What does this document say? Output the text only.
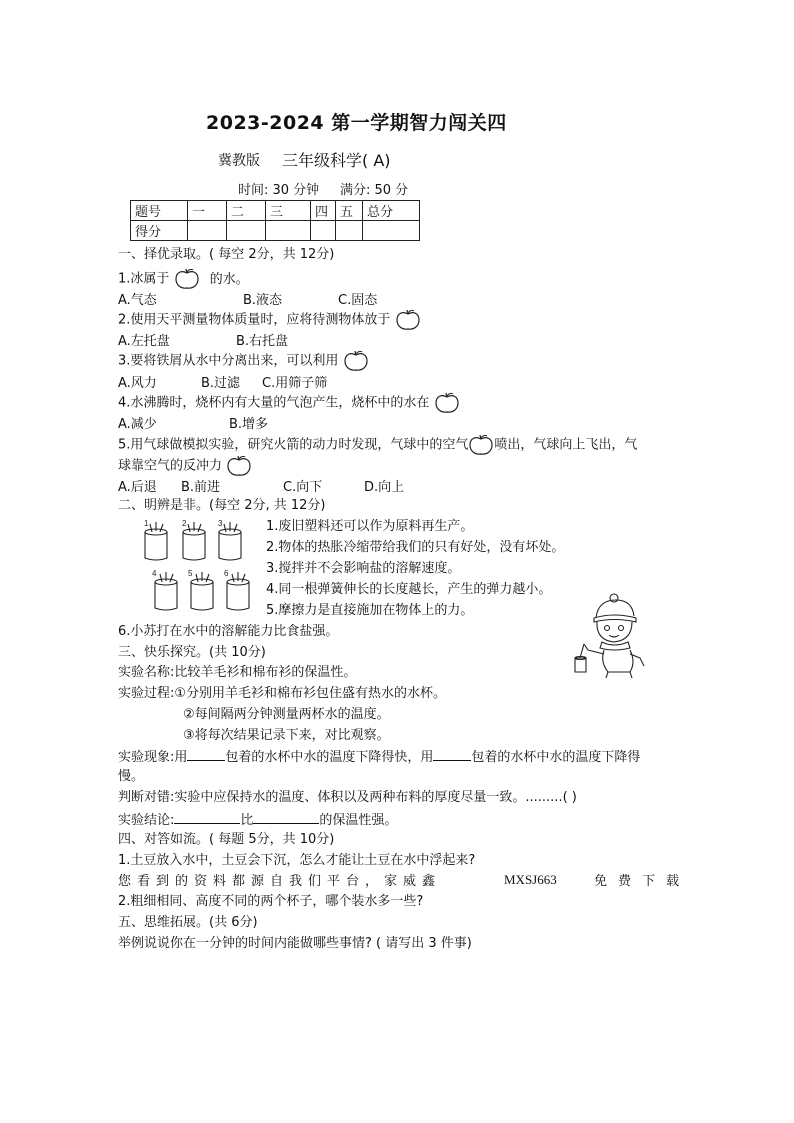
2023-2024 第一学期智力闯关四
冀教版 三年级科学( A)
时间: 30 分钟 满分: 50 分
题号	一	二	三	四	五	总分
得分						
一、择优录取。( 每空 2分，共 12分)
1.冰属于	的水。
A.气态	B.液态	C.固态
2.使用天平测量物体质量时，应将待测物体放于
A.左托盘	B.右托盘
3.要将铁屑从水中分离出来，可以利用
A.风力	B.过滤 C.用筛子筛
4.水沸腾时，烧杯内有大量的气泡产生，烧杯中的水在
A.减少	B.增多
5.用气球做模拟实验，研究火箭的动力时发现，气球中的空气 喷出，气球向上飞出，气
球靠空气的反冲力
A.后退 B.前进	C.向下	D.向上
二、明辨是非。(每空 2分, 共 12分)
1	2	3
4	5	6
1.废旧塑料还可以作为原料再生产。
2.物体的热胀冷缩带给我们的只有好处，没有坏处。
3.搅拌并不会影响盐的溶解速度。
4.同一根弹簧伸长的长度越长，产生的弹力越小。
5.摩擦力是直接施加在物体上的力。
6.小苏打在水中的溶解能力比食盐强。
三、快乐探究。(共 10分)
实验名称:比较羊毛衫和棉布衫的保温性。
实验过程:①分别用羊毛衫和棉布衫包住盛有热水的水杯。
②每间隔两分钟测量两杯水的温度。
③将每次结果记录下来，对比观察。
实验现象:用	包着的水杯中水的温度下降得快，用	包着的水杯中水的温度下降得
慢。
判断对错:实验中应保持水的温度、体积以及两种布料的厚度尽量一致。.........( )
实验结论:	比	的保温性强。
四、对答如流。( 每题 5分，共 10分)
1.土豆放入水中，土豆会下沉，怎么才能让土豆在水中浮起来?
您看到的资料都源自我们平台，家威鑫	MXSJ663	免费下载
2.粗细相同、高度不同的两个杯子，哪个装水多一些?
五、思维拓展。(共 6分)
举例说说你在一分钟的时间内能做哪些事情? ( 请写出 3 件事)
